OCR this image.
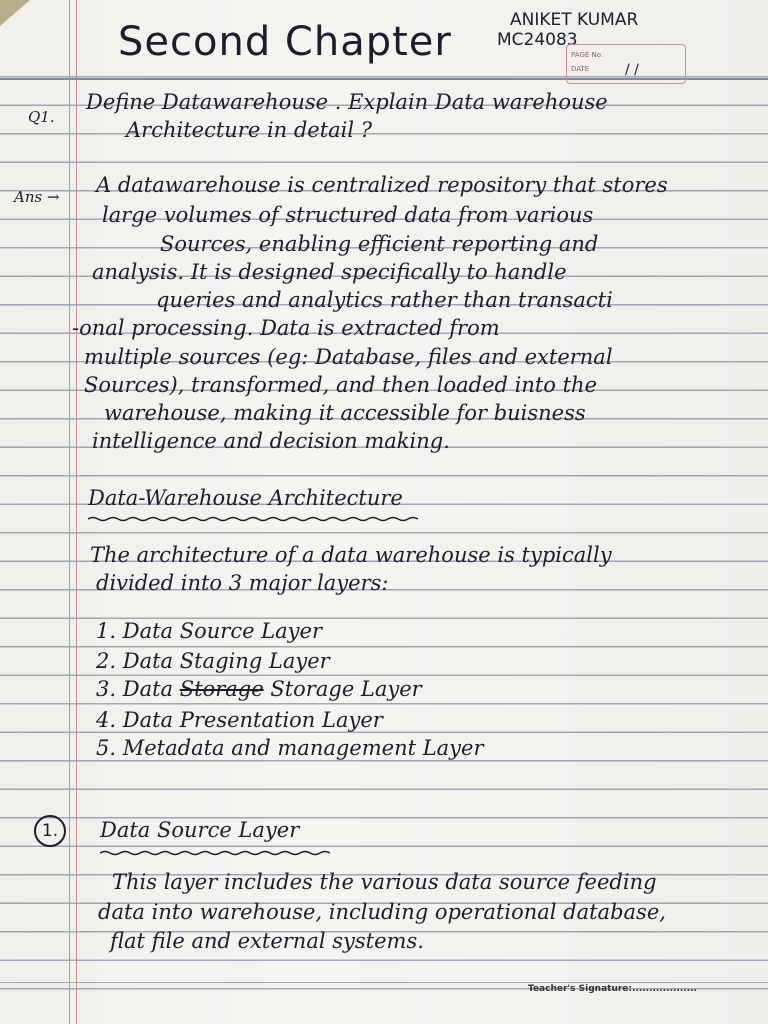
Second Chapter	ANIKET KUMAR
MC24083
PAGE No.
DATE	/ /
Q1.
Define Datawarehouse . Explain Data warehouse
Architecture in detail ?
Ans → A datawarehouse is centralized repository that stores
large volumes of structured data from various
Sources, enabling efficient reporting and
analysis. It is designed specifically to handle
queries and analytics rather than transacti
-onal processing. Data is extracted from
multiple sources (eg: Database, files and external
Sources), transformed, and then loaded into the
warehouse, making it accessible for buisness
intelligence and decision making.
Data-Warehouse Architecture
The architecture of a data warehouse is typically
divided into 3 major layers:
1. Data Source Layer
2. Data Staging Layer
3. Data Storage Storage Layer
4. Data Presentation Layer
5. Metadata and management Layer
1.	Data Source Layer
This layer includes the various data source feeding
data into warehouse, including operational database,
flat file and external systems.
Teacher's Signature:...................
